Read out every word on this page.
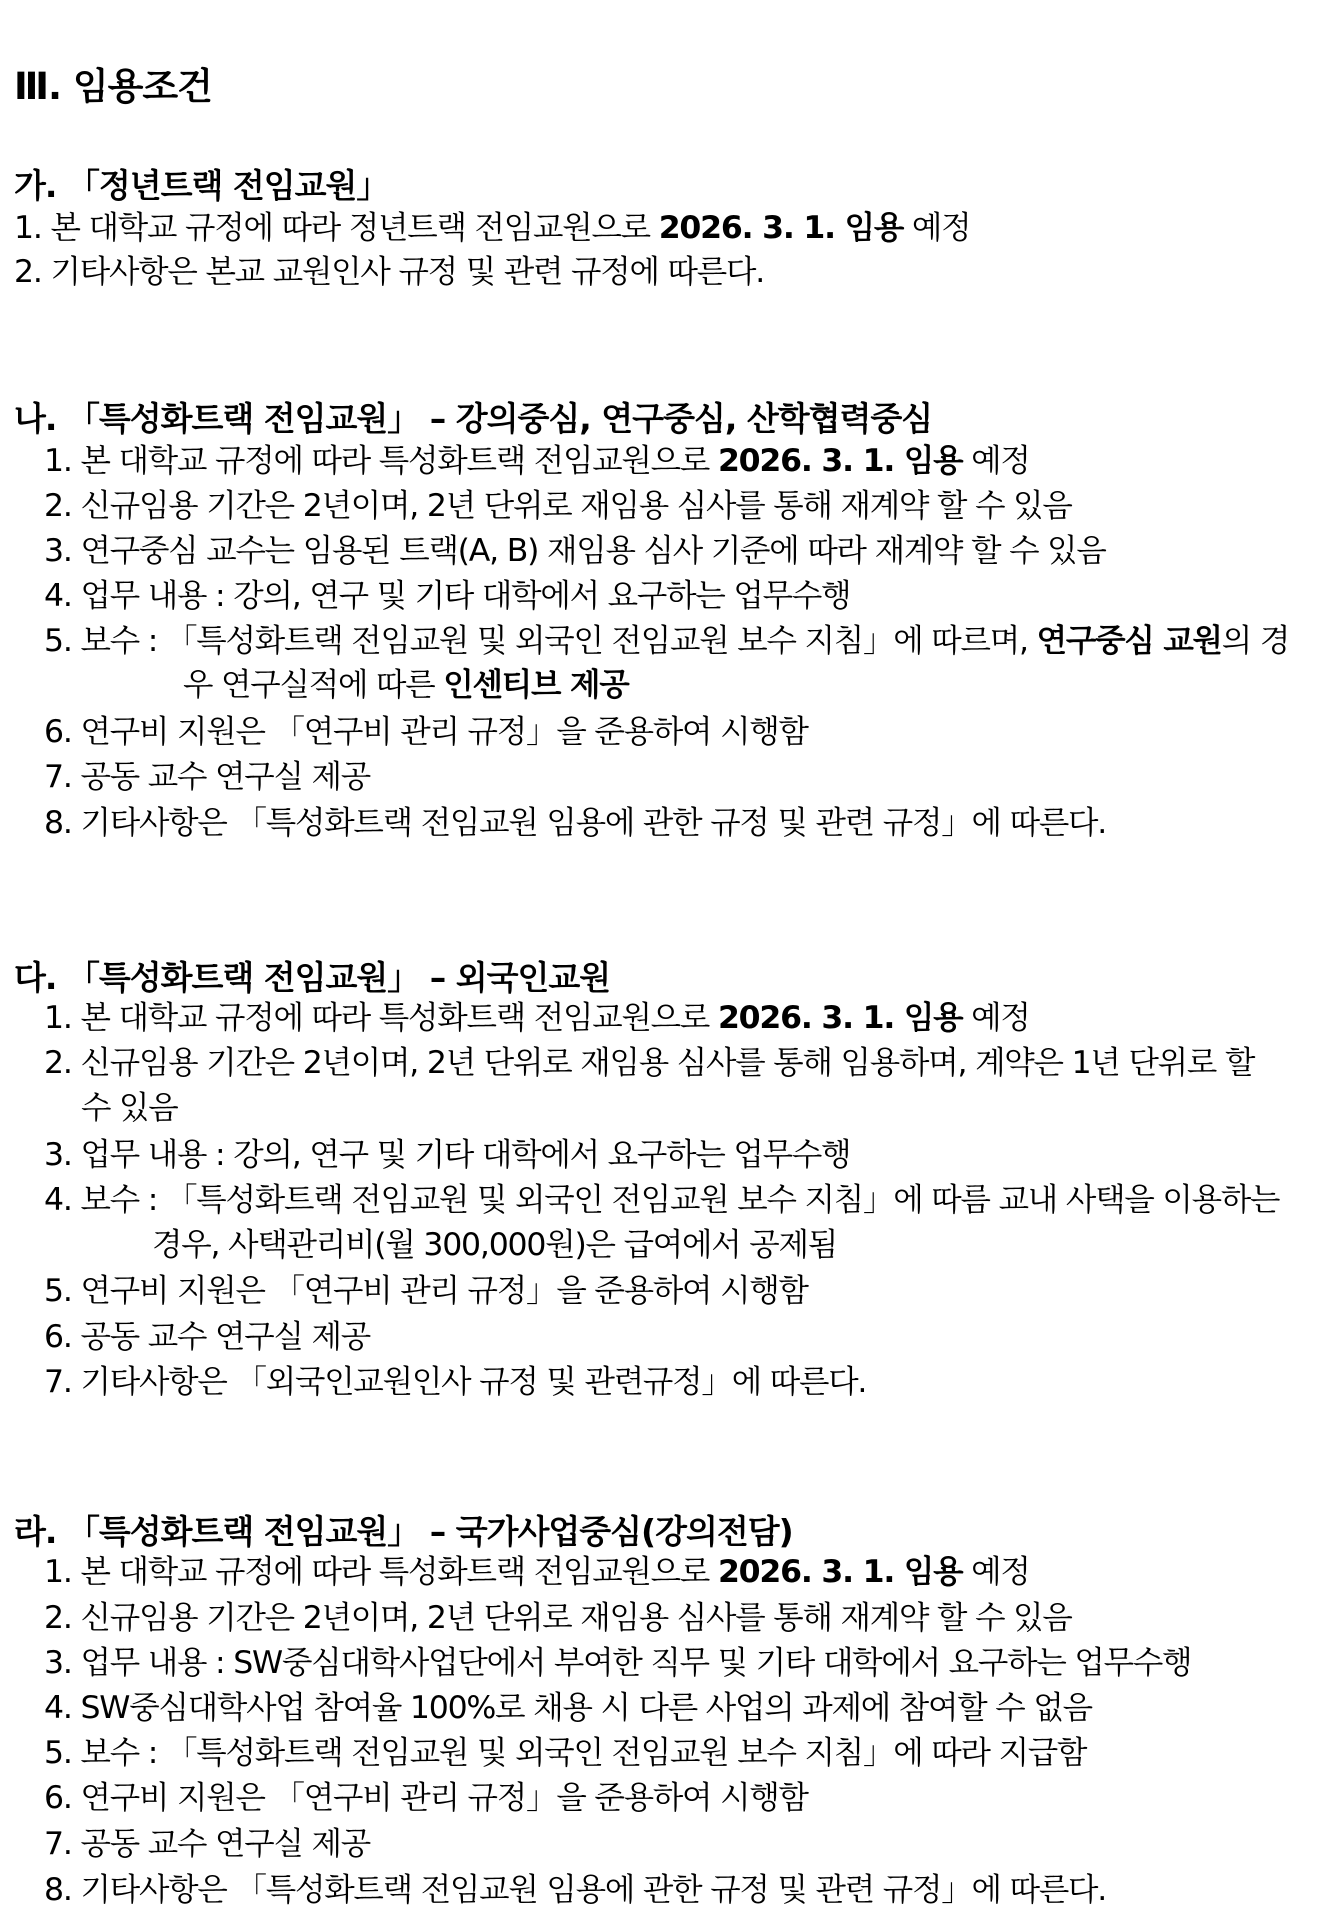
Ⅲ. 임용조건
가. 「정년트랙 전임교원」
1. 본 대학교 규정에 따라 정년트랙 전임교원으로 2026. 3. 1. 임용 예정
2. 기타사항은 본교 교원인사 규정 및 관련 규정에 따른다.
나. 「특성화트랙 전임교원」 – 강의중심, 연구중심, 산학협력중심
1. 본 대학교 규정에 따라 특성화트랙 전임교원으로 2026. 3. 1. 임용 예정
2. 신규임용 기간은 2년이며, 2년 단위로 재임용 심사를 통해 재계약 할 수 있음
3. 연구중심 교수는 임용된 트랙(A, B) 재임용 심사 기준에 따라 재계약 할 수 있음
4. 업무 내용 : 강의, 연구 및 기타 대학에서 요구하는 업무수행
5. 보수 : 「특성화트랙 전임교원 및 외국인 전임교원 보수 지침」에 따르며, 연구중심 교원의 경
우 연구실적에 따른 인센티브 제공
6. 연구비 지원은 「연구비 관리 규정」을 준용하여 시행함
7. 공동 교수 연구실 제공
8. 기타사항은 「특성화트랙 전임교원 임용에 관한 규정 및 관련 규정」에 따른다.
다. 「특성화트랙 전임교원」 – 외국인교원
1. 본 대학교 규정에 따라 특성화트랙 전임교원으로 2026. 3. 1. 임용 예정
2. 신규임용 기간은 2년이며, 2년 단위로 재임용 심사를 통해 임용하며, 계약은 1년 단위로 할
수 있음
3. 업무 내용 : 강의, 연구 및 기타 대학에서 요구하는 업무수행
4. 보수 : 「특성화트랙 전임교원 및 외국인 전임교원 보수 지침」에 따름 교내 사택을 이용하는
경우, 사택관리비(월 300,000원)은 급여에서 공제됨
5. 연구비 지원은 「연구비 관리 규정」을 준용하여 시행함
6. 공동 교수 연구실 제공
7. 기타사항은 「외국인교원인사 규정 및 관련규정」에 따른다.
라. 「특성화트랙 전임교원」 – 국가사업중심(강의전담)
1. 본 대학교 규정에 따라 특성화트랙 전임교원으로 2026. 3. 1. 임용 예정
2. 신규임용 기간은 2년이며, 2년 단위로 재임용 심사를 통해 재계약 할 수 있음
3. 업무 내용 : SW중심대학사업단에서 부여한 직무 및 기타 대학에서 요구하는 업무수행
4. SW중심대학사업 참여율 100%로 채용 시 다른 사업의 과제에 참여할 수 없음
5. 보수 : 「특성화트랙 전임교원 및 외국인 전임교원 보수 지침」에 따라 지급함
6. 연구비 지원은 「연구비 관리 규정」을 준용하여 시행함
7. 공동 교수 연구실 제공
8. 기타사항은 「특성화트랙 전임교원 임용에 관한 규정 및 관련 규정」에 따른다.
